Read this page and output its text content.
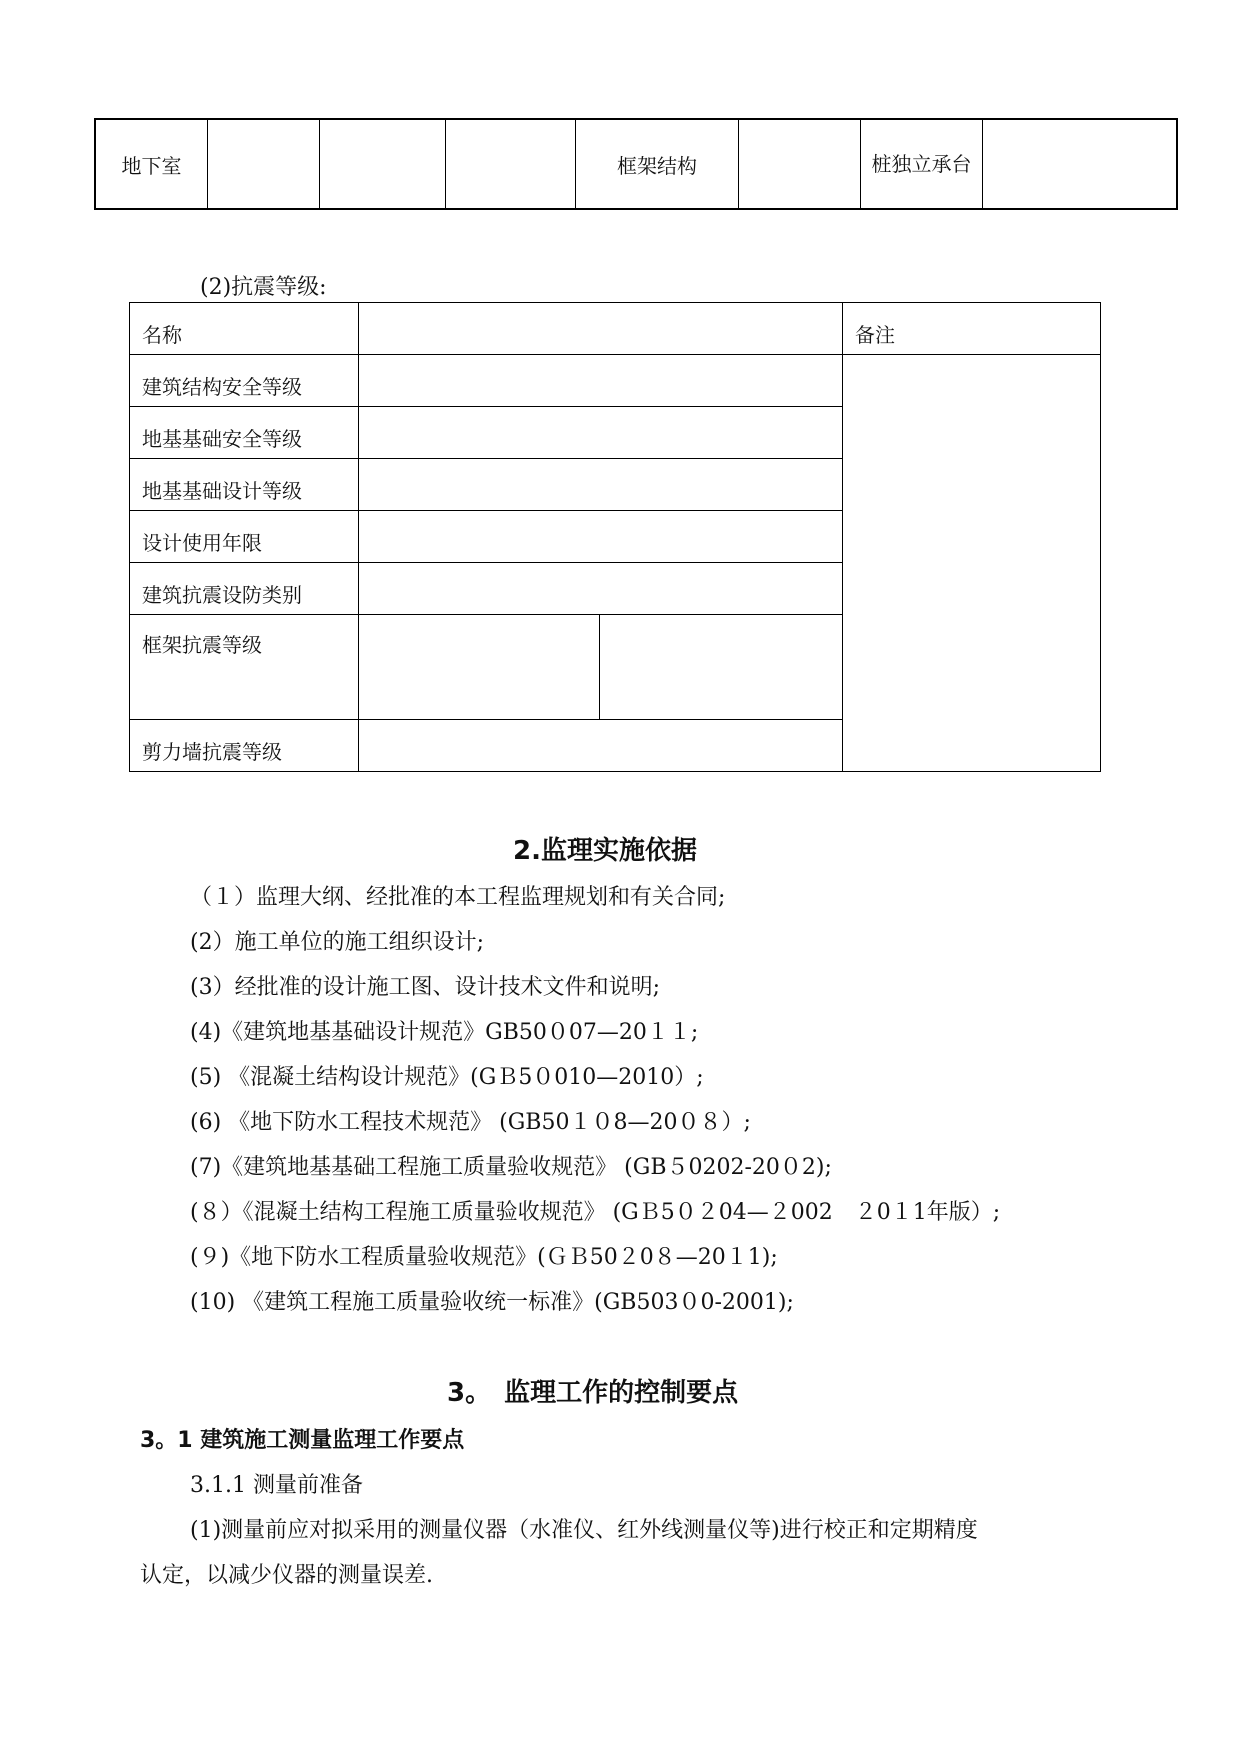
地下室				框架结构		桩独立承台	
(2)抗震等级:
名称			备注
建筑结构安全等级			
地基基础安全等级			
地基基础设计等级			
设计使用年限			
建筑抗震设防类别			
框架抗震等级			
剪力墙抗震等级			
2.监理实施依据
（１）监理大纲、经批准的本工程监理规划和有关合同;
(2）施工单位的施工组织设计;
(3）经批准的设计施工图、设计技术文件和说明;
(4)《建筑地基基础设计规范》GB50０07—20１１;
(5) 《混凝土结构设计规范》(GＢ5０010—2010）;
(6) 《地下防水工程技术规范》 (GB50１０8—20０８）;
(7)《建筑地基基础工程施工质量验收规范》 (GB５0202-20０2);
(８）《混凝土结构工程施工质量验收规范》 (GＢ5０２04—２002　２0１1年版）;
(９)《地下防水工程质量验收规范》(ＧＢ50２0８—20１1);
(10) 《建筑工程施工质量验收统一标准》(GB503０0-2001);
3。　监理工作的控制要点
3。1 建筑施工测量监理工作要点
3.1.1 测量前准备
(1)测量前应对拟采用的测量仪器（水准仪、红外线测量仪等)进行校正和定期精度
认定，以减少仪器的测量误差.
